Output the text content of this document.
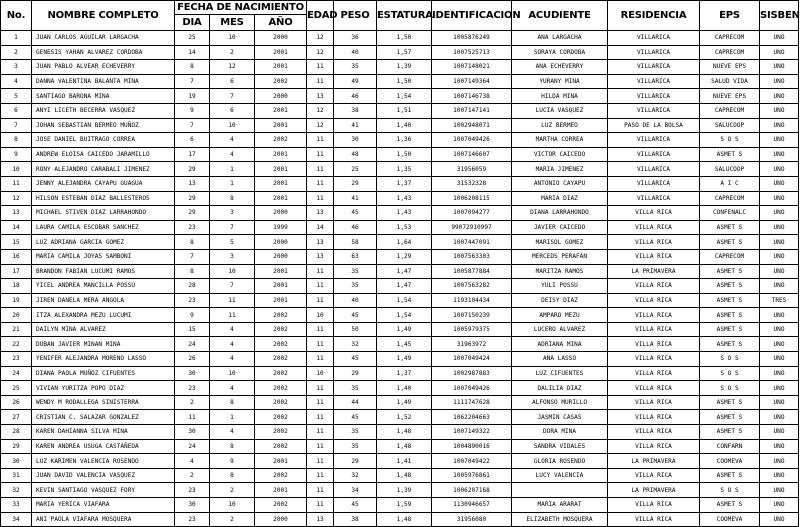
No.	NOMBRE COMPLETO	FECHA DE NACIMIENTO			EDAD	PESO	ESTATURA	IDENTIFICACION	ACUDIENTE	RESIDENCIA	EPS	SISBEN
		DIA	MES	AÑO								
1	JUAN CARLOS AGUILAR LARGACHA	25	10	2000	12	36	1,50	1005876249	ANA LARGACHA	VILLARICA	CAPRECOM	UNO
2	GENESIS YAHAN ALVAREZ CORDOBA	14	2	2001	12	40	1,57	1007525713	SORAYA CORDOBA	VILLARICA	CAPRECOM	UNO
3	JUAN PABLO ALVEAR ECHEVERRY	8	12	2001	11	35	1,39	1007148021	ANA ECHEVERRY	VILLARICA	NUEVE EPS	UNO
4	DANNA VALENTINA BALANTA MINA	7	6	2002	11	49	1,50	1007149364	YURANY MINA	VILLARICA	SALUD VIDA	UNO
5	SANTIAGO BARONA MINA	19	7	2000	13	46	1,54	1007146738	HILDA MINA	VILLARICA	NUEVE EPS	UNO
6	ANYI LICETH BECERRA VASQUEZ	9	6	2001	12	38	1,51	1007147141	LUCIA VASQUEZ	VILLARICA	CAPRECOM	UNO
7	JOHAN SEBASTIAN BERMEO MUÑOZ	7	10	2001	12	41	1,40	1002948071	LUZ BERMEO	PASO DE LA BOLSA	SALUCOOP	UNO
8	JOSE DANIEL BUITRAGO CORREA	6	4	2002	11	30	1,36	1007049426	MARTHA CORREA	VILLARICA	S O S	UNO
9	ANDREW ELOISA CAICEDO JARAMILLO	17	4	2001	11	48	1,50	1007146607	VICTOR CAICEDO	VILLARICA	ASMET S	UNO
10	RONY ALEJANDRO CARABALI JIMENEZ	29	1	2001	11	25	1,35	31956059	MARIA JIMENEZ	VILLARICA	SALUCOOP	UNO
11	JENNY ALEJANDRA CAYAPU GUAGUA	13	1	2001	11	29	1,37	31532328	ANTONIO CAYAPU	VILLARICA	A I C	UNO
12	HILSON ESTEBAN DIAZ BALLESTEROS	29	8	2001	11	41	1,43	1006208115	MARIA DIAZ	VILLARICA	CAPRECOM	UNO
13	MICHAEL STIVEN DIAZ LARRAHONDO	29	3	2000	13	45	1,43	1007094277	DIANA LARRAHONDO	VILLA RICA	CONFENALC	UNO
14	LAURA CAMILA ESCOBAR SANCHEZ	23	7	1999	14	46	1,53	99072910997	JAVIER CAICEDO	VILLA RICA	ASMET S	UNO
15	LUZ ADRIANA GARCIA GOMEZ	8	5	2000	13	58	1,64	1007447091	MARISOL GOMEZ	VILLA RICA	ASMET S	UNO
16	MARIA CAMILA JOYAS SAMBONI	7	3	2000	13	63	1,29	1007563303	MERCEDS PERAFAN	VILLA RICA	CAPRECOM	UNO
17	BRANDON FABIAN LUCUMI RAMOS	8	10	2001	11	35	1,47	1005877884	MARITZA RAMOS	LA PRIMAVERA	ASMET S	UNO
18	YICEL ANDREA MANCILLA POSSU	28	7	2001	11	35	1,47	1007563282	YULI POSSU	VILLA RICA	ASMET S	UNO
19	JIREN DANELA MERA ANGOLA	23	11	2001	11	40	1,54	1193104434	DEISY DIAZ	VILLA RICA	ASMET S	TRES
20	ITZA ALEXANDRA MEZU LUCUMI	9	11	2002	10	45	1,54	1007150239	AMPARO MEZU	VILLA RICA	ASMET S	UNO
21	DAILYN MINA ALVAREZ	15	4	2002	11	50	1,49	1005979375	LUCERO ALVAREZ	VILLA RICA	ASMET S	UNO
22	DUBAN JAVIER MINAN MINA	24	4	2002	11	32	1,45	31963972	ADRIANA MINA	VILLA RICA	ASMET S	UNO
23	YENIFER ALEJANDRA MORENO LASSO	26	4	2002	11	45	1,49	1007049424	ANA LASSO	VILLA RICA	S O S	UNO
24	DIANA PAOLA MUÑOZ CIFUENTES	30	10	2002	10	29	1,37	1002987883	LUZ CIFUENTES	VILLA RICA	S O S	UNO
25	VIVIAN YURITZA POPO DIAZ	23	4	2002	11	35	1,40	1007049426	DALILIA DIAZ	VILLA RICA	S O S	UNO
26	WENDY M RODALLEGA SINISTERRA	2	8	2002	11	44	1,49	1111747628	ALFONSO MURILLO	VILLA RICA	ASMET S	UNO
27	CRISTIAN C. SALAZAR GONZALEZ	11	1	2002	11	45	1,52	1062204663	JASMIN CASAS	VILLA RICA	ASMET S	UNO
28	KAREN DAHIANNA SILVA MINA	30	4	2002	11	35	1,48	1007149322	DORA MINA	VILLA RICA	ASMET S	UNO
29	KAREN ANDREA USUGA CASTAÑEDA	24	8	2002	11	35	1,48	1004890016	SANDRA VIDALES	VILLA RICA	CONFARN	UNO
30	LUZ KARIMEN VALENCIA ROSENDO	4	9	2001	11	29	1,41	1007049422	GLORIA ROSENDO	LA PRIMAVERA	COOMEVA	UNO
31	JUAN DAVID VALENCIA VASQUEZ	2	8	2002	11	32	1,48	1005976861	LUCY VALENCIA	VILLA RICA	ASMET S	UNO
32	KEVIN SANTIAGO VASQUEZ FORY	23	2	2001	11	34	1,39	1006207168		LA PRIMAVERA	S O S	UNO
33	MARIA YERICA VIAFARA	30	10	2002	11	45	1,59	1130946657	MARIA ARARAT	VILLA RICA	ASMET S	UNO
34	ANI PAOLA VIAFARA MOSQUERA	23	2	2000	13	38	1,48	31956080	ELIZABETH MOSQUERA	VILLA RICA	COOMEVA	UNO
